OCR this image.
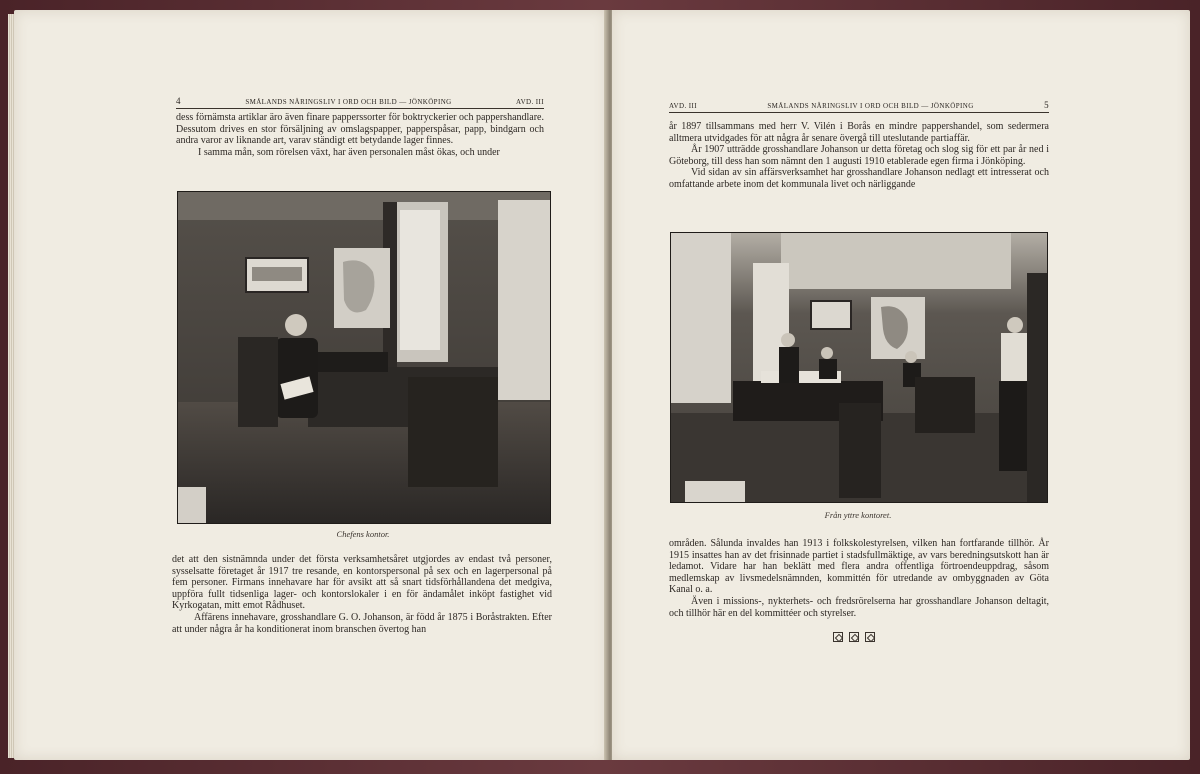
4	SMÅLANDS NÄRINGSLIV I ORD OCH BILD — JÖNKÖPING	AVD. III

dess förnämsta artiklar äro även finare papperssorter för boktryckerier och pappershandlare. Dessutom drives en stor försäljning av omslagspapper, papperspåsar, papp, bindgarn och andra varor av liknande art, varav ständigt ett betydande lager finnes.

I samma mån, som rörelsen växt, har även personalen måst ökas, och under

Chefens kontor.

det att den sistnämnda under det första verksamhetsåret utgjordes av endast två personer, sysselsatte företaget år 1917 tre resande, en kontorspersonal på sex och en lagerpersonal på fem personer. Firmans innehavare har för avsikt att så snart tidsförhållandena det medgiva, uppföra fullt tidsenliga lager- och kontorslokaler i en för ändamålet inköpt fastighet vid Kyrkogatan, mitt emot Rådhuset.

Affärens innehavare, grosshandlare G. O. Johanson, är född år 1875 i Boråstrakten. Efter att under några år ha konditionerat inom branschen övertog han

AVD. III	SMÅLANDS NÄRINGSLIV I ORD OCH BILD — JÖNKÖPING	5

år 1897 tillsammans med herr V. Vilén i Borås en mindre pappershandel, som sedermera alltmera utvidgades för att några år senare övergå till uteslutande partiaffär.

År 1907 utträdde grosshandlare Johanson ur detta företag och slog sig för ett par år ned i Göteborg, till dess han som nämnt den 1 augusti 1910 etablerade egen firma i Jönköping.

Vid sidan av sin affärsverksamhet har grosshandlare Johanson nedlagt ett intresserat och omfattande arbete inom det kommunala livet och närliggande

Från yttre kontoret.

områden. Sålunda invaldes han 1913 i folkskolestyrelsen, vilken han fortfarande tillhör. År 1915 insattes han av det frisinnade partiet i stadsfullmäktige, av vars beredningsutskott han är ledamot. Vidare har han beklätt med flera andra offentliga förtroendeuppdrag, såsom medlemskap av livsmedelsnämnden, kommittén för utredande av ombyggnaden av Göta Kanal o. a.

Även i missions-, nykterhets- och fredsrörelserna har grosshandlare Johanson deltagit, och tillhör här en del kommittéer och styrelser.
